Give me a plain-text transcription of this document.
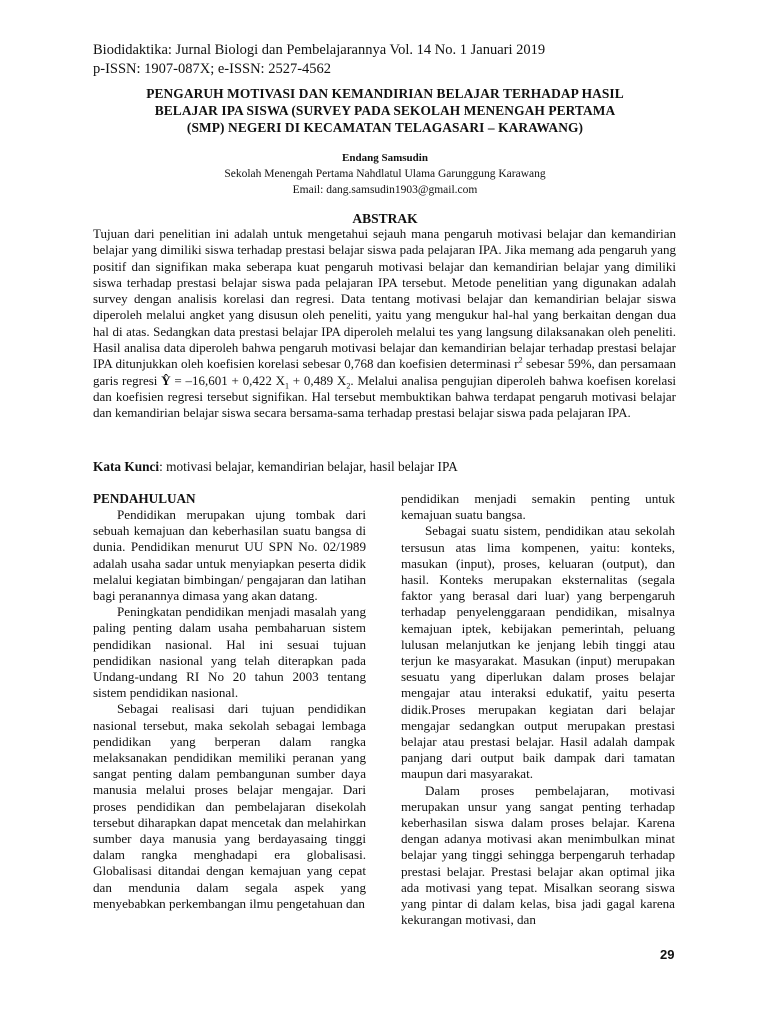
Biodidaktika: Jurnal Biologi dan Pembelajarannya Vol. 14 No. 1 Januari 2019
p-ISSN: 1907-087X; e-ISSN: 2527-4562
PENGARUH MOTIVASI DAN KEMANDIRIAN BELAJAR TERHADAP HASIL
BELAJAR IPA SISWA (SURVEY PADA SEKOLAH MENENGAH PERTAMA
(SMP) NEGERI DI KECAMATAN TELAGASARI – KARAWANG)
Endang Samsudin
Sekolah Menengah Pertama Nahdlatul Ulama Garunggung Karawang
Email: dang.samsudin1903@gmail.com
ABSTRAK
Tujuan dari penelitian ini adalah untuk mengetahui sejauh mana pengaruh motivasi belajar dan kemandirian belajar yang dimiliki siswa terhadap prestasi belajar siswa pada pelajaran IPA. Jika memang ada pengaruh yang positif dan signifikan maka seberapa kuat pengaruh motivasi belajar dan kemandirian belajar yang dimiliki siswa terhadap prestasi belajar siswa pada pelajaran IPA tersebut. Metode penelitian yang digunakan adalah survey dengan analisis korelasi dan regresi. Data tentang motivasi belajar dan kemandirian belajar siswa diperoleh melalui angket yang disusun oleh peneliti, yaitu yang mengukur hal-hal yang berkaitan dengan dua hal di atas. Sedangkan data prestasi belajar IPA diperoleh melalui tes yang langsung dilaksanakan oleh peneliti. Hasil analisa data diperoleh bahwa pengaruh motivasi belajar dan kemandirian belajar terhadap prestasi belajar IPA ditunjukkan oleh koefisien korelasi sebesar 0,768 dan koefisien determinasi $r^2$ sebesar 59%, dan persamaan garis regresi Ŷ = –16,601 + 0,422 $X_1 + 0,489$ $X_2$. Melalui analisa pengujian diperoleh bahwa koefisen korelasi dan koefisien regresi tersebut signifikan. Hal tersebut membuktikan bahwa terdapat pengaruh motivasi belajar dan kemandirian belajar siswa secara bersama-sama terhadap prestasi belajar siswa pada pelajaran IPA.
Kata Kunci: motivasi belajar, kemandirian belajar, hasil belajar IPA
PENDAHULUAN

Pendidikan merupakan ujung tombak dari sebuah kemajuan dan keberhasilan suatu bangsa di dunia. Pendidikan menurut UU SPN No. 02/1989 adalah usaha sadar untuk menyiapkan peserta didik melalui kegiatan bimbingan/ pengajaran dan latihan bagi peranannya dimasa yang akan datang.

Peningkatan pendidikan menjadi masalah yang paling penting dalam usaha pembaharuan sistem pendidikan nasional. Hal ini sesuai tujuan pendidikan nasional yang telah diterapkan pada Undang-undang RI No 20 tahun 2003 tentang sistem pendidikan nasional.

Sebagai realisasi dari tujuan pendidikan nasional tersebut, maka sekolah sebagai lembaga pendidikan yang berperan dalam rangka melaksanakan pendidikan memiliki peranan yang sangat penting dalam pembangunan sumber daya manusia melalui proses belajar mengajar. Dari proses pendidikan dan pembelajaran disekolah tersebut diharapkan dapat mencetak dan melahirkan sumber daya manusia yang berdayasaing tinggi dalam rangka menghadapi era globalisasi. Globalisasi ditandai dengan kemajuan yang cepat dan mendunia dalam segala aspek yang menyebabkan perkembangan ilmu pengetahuan dan

pendidikan menjadi semakin penting untuk kemajuan suatu bangsa.

Sebagai suatu sistem, pendidikan atau sekolah tersusun atas lima kompenen, yaitu: konteks, masukan (input), proses, keluaran (output), dan hasil. Konteks merupakan eksternalitas (segala faktor yang berasal dari luar) yang berpengaruh terhadap penyelenggaraan pendidikan, misalnya kemajuan iptek, kebijakan pemerintah, peluang lulusan melanjutkan ke jenjang lebih tinggi atau terjun ke masyarakat. Masukan (input) merupakan sesuatu yang diperlukan dalam proses belajar mengajar atau interaksi edukatif, yaitu peserta didik.Proses merupakan kegiatan dari belajar mengajar sedangkan output merupakan prestasi belajar atau prestasi belajar. Hasil adalah dampak panjang dari output baik dampak dari tamatan maupun dari masyarakat.

Dalam proses pembelajaran, motivasi merupakan unsur yang sangat penting terhadap keberhasilan siswa dalam proses belajar. Karena dengan adanya motivasi akan menimbulkan minat belajar yang tinggi sehingga berpengaruh terhadap prestasi belajar. Prestasi belajar akan optimal jika ada motivasi yang tepat. Misalkan seorang siswa yang pintar di dalam kelas, bisa jadi gagal karena kekurangan motivasi, dan

29
